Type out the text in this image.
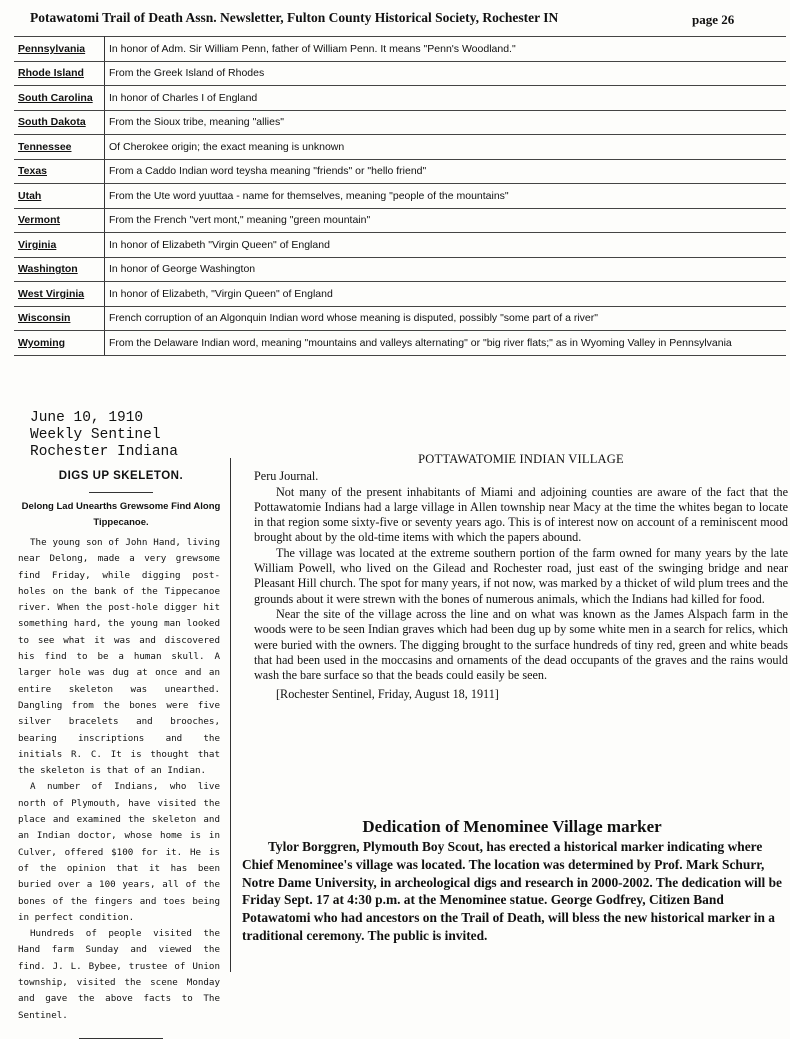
Potawatomi Trail of Death Assn. Newsletter, Fulton County Historical Society, Rochester IN	page 26
Pennsylvania	In honor of Adm. Sir William Penn, father of William Penn. It means "Penn's Woodland."
Rhode Island	From the Greek Island of Rhodes
South Carolina	In honor of Charles I of England
South Dakota	From the Sioux tribe, meaning "allies"
Tennessee	Of Cherokee origin; the exact meaning is unknown
Texas	From a Caddo Indian word teysha meaning "friends" or "hello friend"
Utah	From the Ute word yuuttaa - name for themselves, meaning "people of the mountains"
Vermont	From the French "vert mont," meaning "green mountain"
Virginia	In honor of Elizabeth "Virgin Queen" of England
Washington	In honor of George Washington
West Virginia	In honor of Elizabeth, "Virgin Queen" of England
Wisconsin	French corruption of an Algonquin Indian word whose meaning is disputed, possibly "some part of a river"
Wyoming	From the Delaware Indian word, meaning "mountains and valleys alternating" or "big river flats;" as in Wyoming Valley in Pennsylvania
June 10, 1910
Weekly Sentinel
Rochester Indiana
DIGS UP SKELETON.
Delong Lad Unearths Grewsome Find Along Tippecanoe.

The young son of John Hand, living near Delong, made a very grewsome find Friday, while digging post-holes on the bank of the Tippecanoe river. When the post-hole digger hit something hard, the young man looked to see what it was and discovered his find to be a human skull. A larger hole was dug at once and an entire skeleton was unearthed. Dangling from the bones were five silver bracelets and brooches, bearing inscriptions and the initials R. C. It is thought that the skeleton is that of an Indian.

A number of Indians, who live north of Plymouth, have visited the place and examined the skeleton and an Indian doctor, whose home is in Culver, offered $100 for it. He is of the opinion that it has been buried over a 100 years, all of the bones of the fingers and toes being in perfect condition.

Hundreds of people visited the Hand farm Sunday and viewed the find. J. L. Bybee, trustee of Union township, visited the scene Monday and gave the above facts to The Sentinel.

POTTAWATOMIE INDIAN VILLAGE

Peru Journal.

Not many of the present inhabitants of Miami and adjoining counties are aware of the fact that the Pottawatomie Indians had a large village in Allen township near Macy at the time the whites began to locate in that region some sixty-five or seventy years ago. This is of interest now on account of a reminiscent mood brought about by the old-time items with which the papers abound.

The village was located at the extreme southern portion of the farm owned for many years by the late William Powell, who lived on the Gilead and Rochester road, just east of the swinging bridge and near Pleasant Hill church. The spot for many years, if not now, was marked by a thicket of wild plum trees and the grounds about it were strewn with the bones of numerous animals, which the Indians had killed for food.

Near the site of the village across the line and on what was known as the James Alspach farm in the woods were to be seen Indian graves which had been dug up by some white men in a search for relics, which were buried with the owners. The digging brought to the surface hundreds of tiny red, green and white beads that had been used in the moccasins and ornaments of the dead occupants of the graves and the rains would wash the bare surface so that the beads could easily be seen.

[Rochester Sentinel, Friday, August 18, 1911]

Dedication of Menominee Village marker

Tylor Borggren, Plymouth Boy Scout, has erected a historical marker indicating where Chief Menominee's village was located. The location was determined by Prof. Mark Schurr, Notre Dame University, in archeological digs and research in 2000-2002. The dedication will be Friday Sept. 17 at 4:30 p.m. at the Menominee statue. George Godfrey, Citizen Band Potawatomi who had ancestors on the Trail of Death, will bless the new historical marker in a traditional ceremony. The public is invited.
